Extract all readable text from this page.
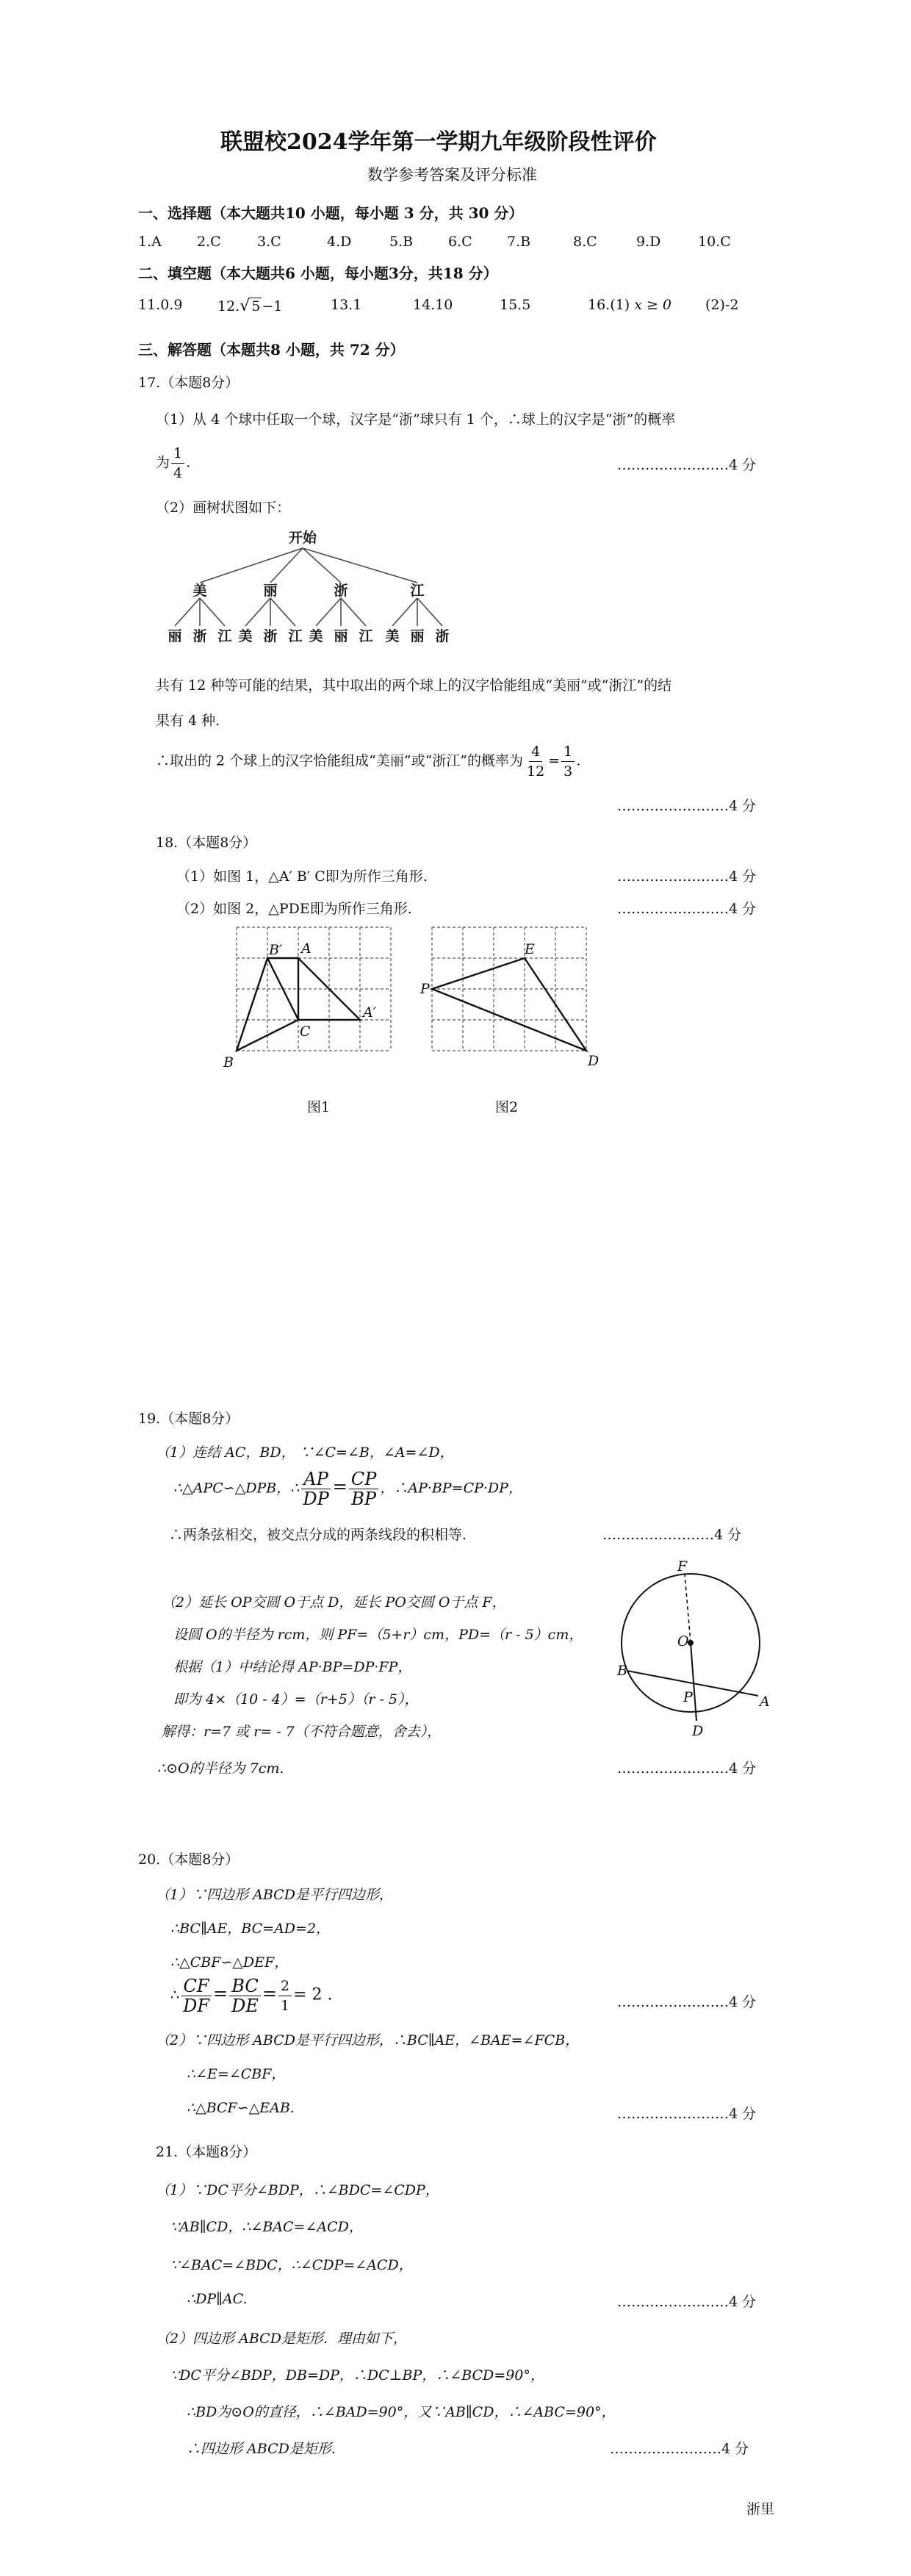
联盟校2024学年第一学期九年级阶段性评价
数学参考答案及评分标准
一、选择题（本大题共10 小题，每小题 3 分，共 30 分）
1.A	2.C	3.C	4.D	5.B	6.C 7.B	8.C	9.D	10.C
二、填空题（本大题共6 小题，每小题3分，共18 分）
11.0.9	12.√ 5 −1	13.1	14.10	15.5	16.(1) x ≥ 0 (2)-2
三、解答题（本题共8 小题，共 72 分）
17.（本题8分）
（1）从 4 个球中任取一个球，汉字是“浙”球只有 1 个，∴球上的汉字是“浙”的概率
为 $\frac{1}{4}$ .	……………………4 分
（2）画树状图如下：
开始
美	丽	浙	江
丽 浙 江 美 浙 江 美 丽 江 美 丽 浙
共有 12 种等可能的结果，其中取出的两个球上的汉字恰能组成“美丽”或“浙江”的结
果有 4 种.
∴取出的 2 个球上的汉字恰能组成“美丽”或“浙江”的概率为 $\frac{4}{12} = \frac{1}{3}$ .
……………………4 分
18.（本题8分）
（1）如图 1，△A′ B′ C即为所作三角形.	……………………4 分
（2）如图 2，△PDE即为所作三角形.	……………………4 分
A
B′
A′
C
B
图1
P
E
D
图2
19.（本题8分）
（1）连结 AC，BD， ∵∠C=∠B，∠A=∠D，
∴△APC∽△DPB，∴ $\frac{AP}{DP} = \frac{CP}{BP}$ ，∴AP·BP=CP·DP，
∴两条弦相交，被交点分成的两条线段的积相等.	……………………4 分
（2）延长 OP交圆 O于点 D，延长 PO交圆 O于点 F，
设圆 O的半径为 rcm，则 PF=（5+r）cm，PD=（r - 5）cm，
根据（1）中结论得 AP·BP=DP·FP，
即为 4×（10 - 4）=（r+5）（r - 5），
解得：r=7 或 r= - 7（不符合题意，舍去），
∴⊙O的半径为 7cm.	……………………4 分
F
O
B
P
D
A
20.（本题8分）
（1）∵四边形 ABCD是平行四边形，
∴BC∥AE，BC=AD=2，
∴△CBF∽△DEF，
∴ $\frac{CF}{DF} = \frac{BC}{DE} = \frac{2}{1} = 2$ .	……………………4 分
（2）∵四边形 ABCD是平行四边形，∴BC∥AE，∠BAE=∠FCB，
∴∠E=∠CBF，
∴△BCF∽△EAB.	……………………4 分
21.（本题8分）
（1）∵DC平分∠BDP，∴∠BDC=∠CDP，
∵AB∥CD，∴∠BAC=∠ACD，
∵∠BAC=∠BDC，∴∠CDP=∠ACD，
∴DP∥AC.	……………………4 分
（2）四边形 ABCD是矩形．理由如下，
∵DC平分∠BDP，DB=DP，∴DC⊥BP，∴∠BCD=90°，
∴BD为⊙O的直径，∴∠BAD=90°，又∵AB∥CD，∴∠ABC=90°，
∴四边形 ABCD是矩形.	……………………4 分
浙里
